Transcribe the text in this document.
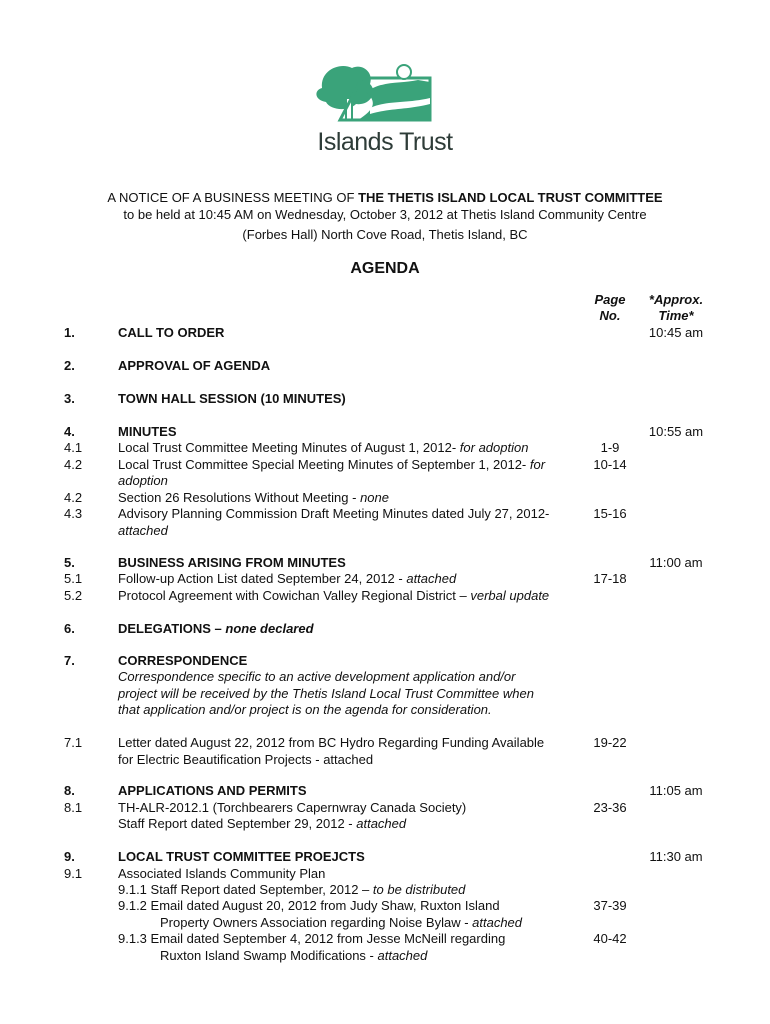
Islands Trust
A NOTICE OF A BUSINESS MEETING OF THE THETIS ISLAND LOCAL TRUST COMMITTEE
to be held at 10:45 AM on Wednesday, October 3, 2012 at Thetis Island Community Centre
(Forbes Hall) North Cove Road, Thetis Island, BC
AGENDA
Page
No.
*Approx.
Time*
1.	CALL TO ORDER	10:45 am
2.	APPROVAL OF AGENDA
3.	TOWN HALL SESSION (10 MINUTES)
4.	MINUTES	10:55 am
4.1	Local Trust Committee Meeting Minutes of August 1, 2012- for adoption	1-9
4.2	Local Trust Committee Special Meeting Minutes of September 1, 2012- for	10-14
adoption
4.2	Section 26 Resolutions Without Meeting - none
4.3	Advisory Planning Commission Draft Meeting Minutes dated July 27, 2012-	15-16
attached
5.	BUSINESS ARISING FROM MINUTES	11:00 am
5.1	Follow-up Action List dated September 24, 2012 - attached	17-18
5.2	Protocol Agreement with Cowichan Valley Regional District – verbal update
6.	DELEGATIONS – none declared
7.	CORRESPONDENCE
Correspondence specific to an active development application and/or
project will be received by the Thetis Island Local Trust Committee when
that application and/or project is on the agenda for consideration.
7.1	Letter dated August 22, 2012 from BC Hydro Regarding Funding Available	19-22
for Electric Beautification Projects - attached
8.	APPLICATIONS AND PERMITS	11:05 am
8.1	TH-ALR-2012.1 (Torchbearers Capernwray Canada Society)	23-36
Staff Report dated September 29, 2012 - attached
9.	LOCAL TRUST COMMITTEE PROEJCTS	11:30 am
9.1	Associated Islands Community Plan
9.1.1 Staff Report dated September, 2012 – to be distributed
9.1.2 Email dated August 20, 2012 from Judy Shaw, Ruxton Island	37-39
Property Owners Association regarding Noise Bylaw - attached
9.1.3 Email dated September 4, 2012 from Jesse McNeill regarding	40-42
Ruxton Island Swamp Modifications - attached
